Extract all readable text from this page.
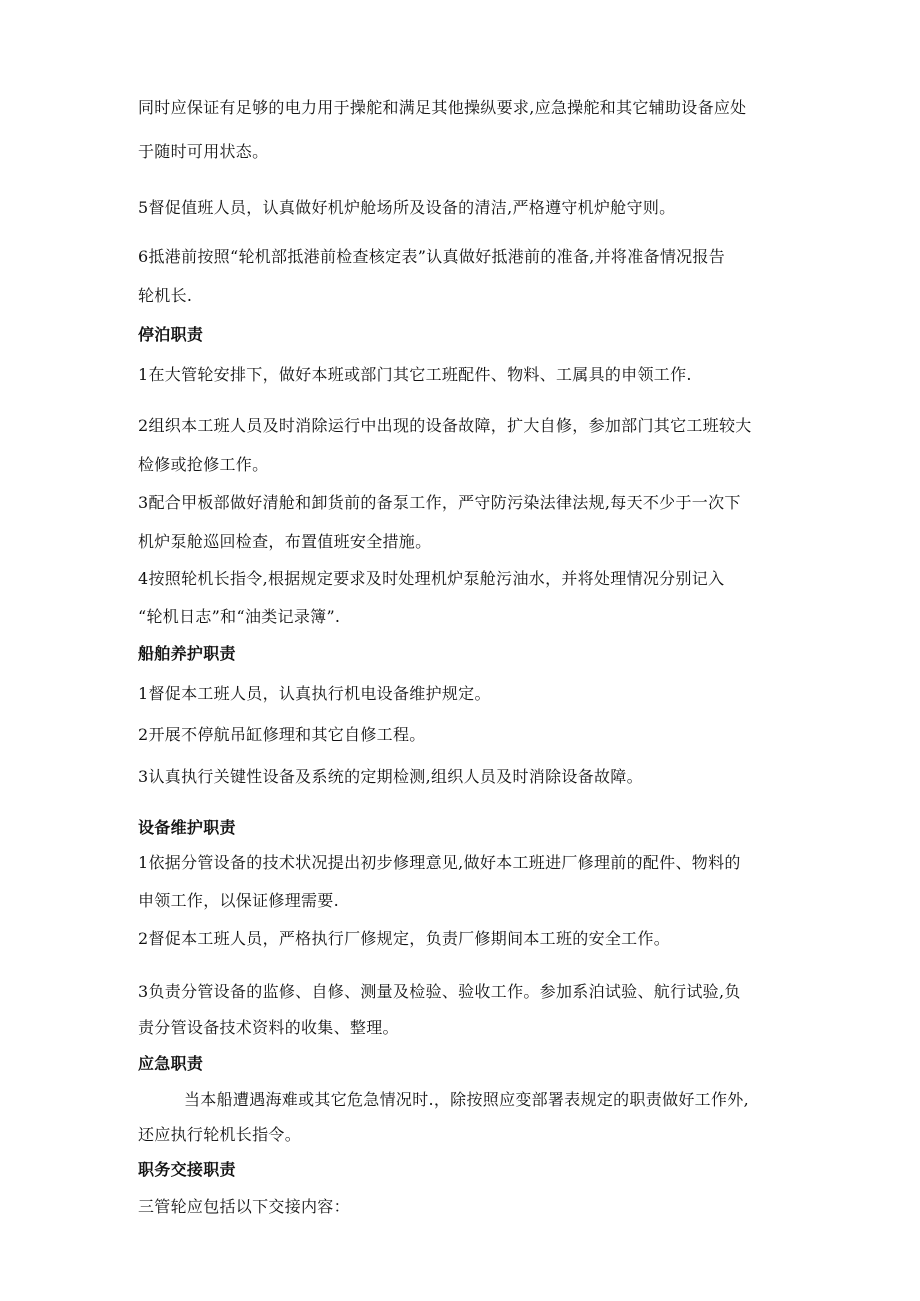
同时应保证有足够的电力用于操舵和满足其他操纵要求,应急操舵和其它辅助设备应处
于随时可用状态。
5督促值班人员，认真做好机炉舱场所及设备的清洁,严格遵守机炉舱守则。
6抵港前按照“轮机部抵港前检查核定表”认真做好抵港前的准备,并将准备情况报告
轮机长.
停泊职责
1在大管轮安排下，做好本班或部门其它工班配件、物料、工属具的申领工作.
2组织本工班人员及时消除运行中出现的设备故障，扩大自修，参加部门其它工班较大
检修或抢修工作。
3配合甲板部做好清舱和卸货前的备泵工作，严守防污染法律法规,每天不少于一次下
机炉泵舱巡回检查，布置值班安全措施。
4按照轮机长指令,根据规定要求及时处理机炉泵舱污油水，并将处理情况分别记入
“轮机日志”和“油类记录簿”.
船舶养护职责
1督促本工班人员，认真执行机电设备维护规定。
2开展不停航吊缸修理和其它自修工程。
3认真执行关键性设备及系统的定期检测,组织人员及时消除设备故障。
设备维护职责
1依据分管设备的技术状况提出初步修理意见,做好本工班进厂修理前的配件、物料的
申领工作，以保证修理需要.
2督促本工班人员，严格执行厂修规定，负责厂修期间本工班的安全工作。
3负责分管设备的监修、自修、测量及检验、验收工作。参加系泊试验、航行试验,负
责分管设备技术资料的收集、整理。
应急职责
当本船遭遇海难或其它危急情况时.，除按照应变部署表规定的职责做好工作外,
还应执行轮机长指令。
职务交接职责
三管轮应包括以下交接内容：
